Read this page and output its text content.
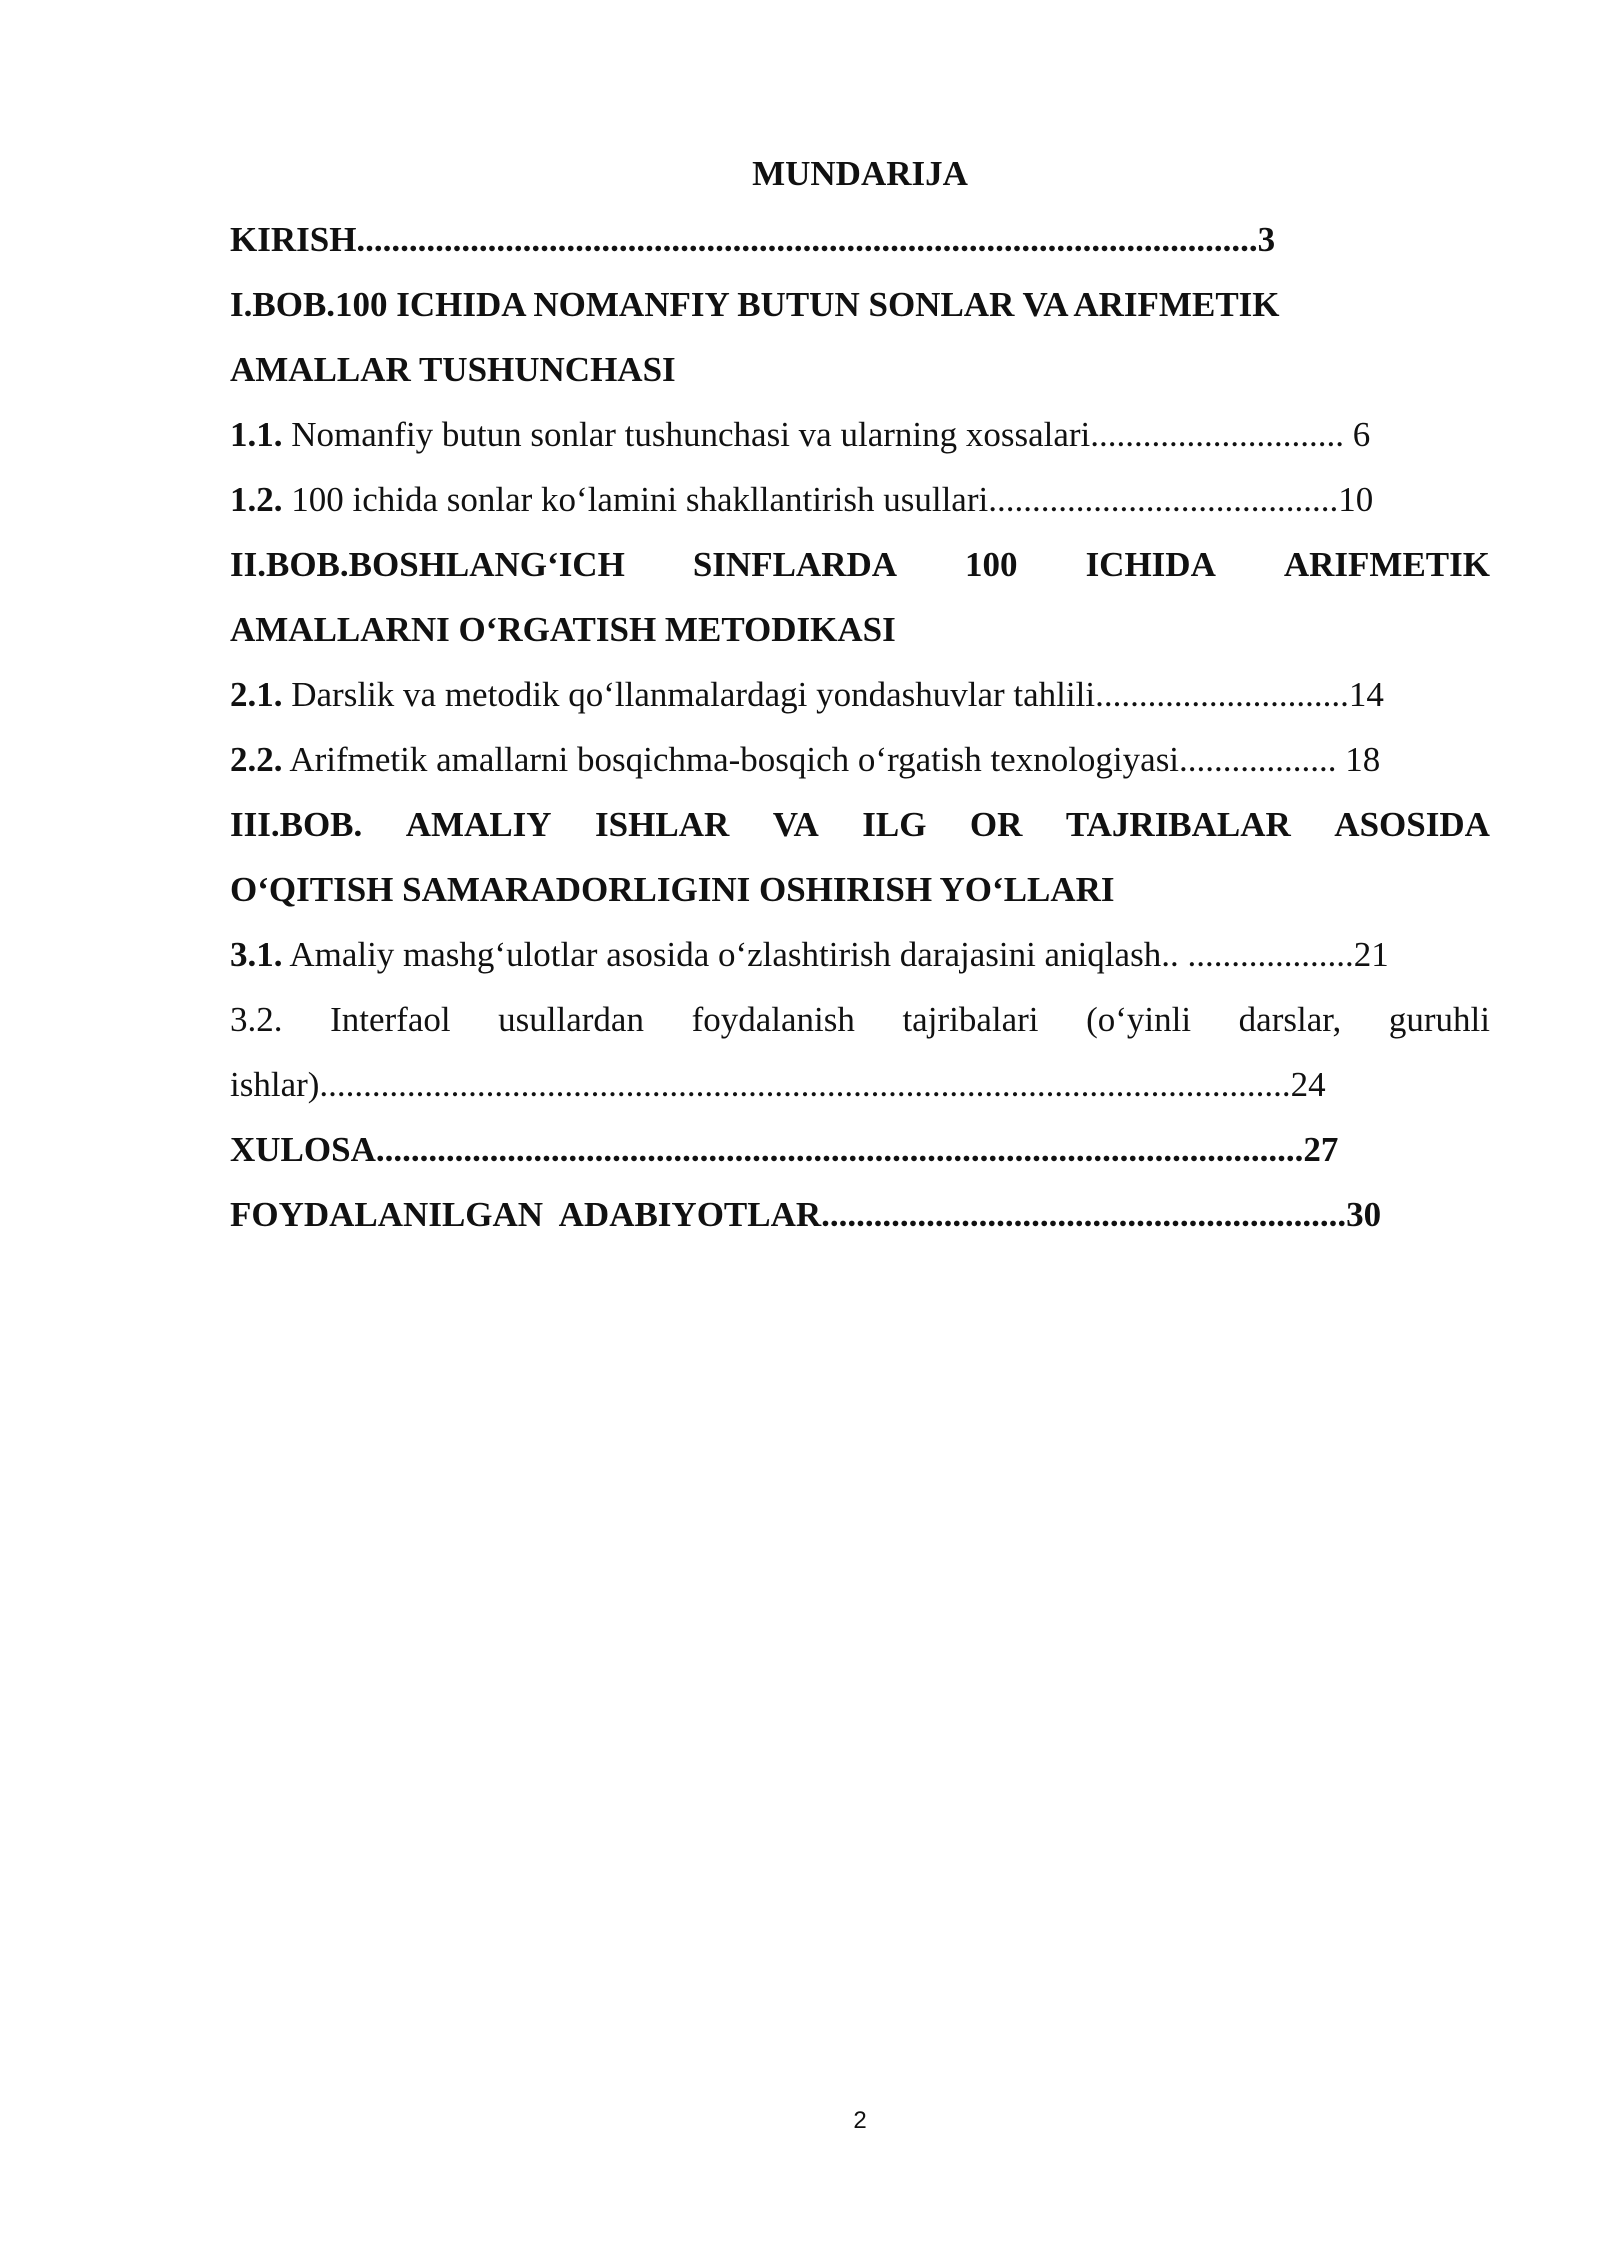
MUNDARIJA
KIRISH.......................................................................................................3
I.BOB.100 ICHIDA NOMANFIY BUTUN SONLAR VA ARIFMETIK
AMALLAR TUSHUNCHASI
1.1. Nomanfiy butun sonlar tushunchasi va ularning xossalari............................. 6
1.2. 100 ichida sonlar ko‘lamini shakllantirish usullari........................................10
II.BOB.BOSHLANG‘ICH SINFLARDA 100 ICHIDA ARIFMETIK
AMALLARNI O‘RGATISH METODIKASI
2.1. Darslik va metodik qo‘llanmalardagi yondashuvlar tahlili.............................14
2.2. Arifmetik amallarni bosqichma-bosqich o‘rgatish texnologiyasi.................. 18
III.BOB. AMALIY ISHLAR VA ILG OR TAJRIBALAR ASOSIDA
O‘QITISH SAMARADORLIGINI OSHIRISH YO‘LLARI
3.1. Amaliy mashg‘ulotlar asosida o‘zlashtirish darajasini aniqlash.. ...................21
3.2. Interfaol usullardan foydalanish tajribalari (o‘yinli darslar, guruhli
ishlar)...............................................................................................................24
XULOSA..........................................................................................................27
FOYDALANILGAN  ADABIYOTLAR............................................................30
2
